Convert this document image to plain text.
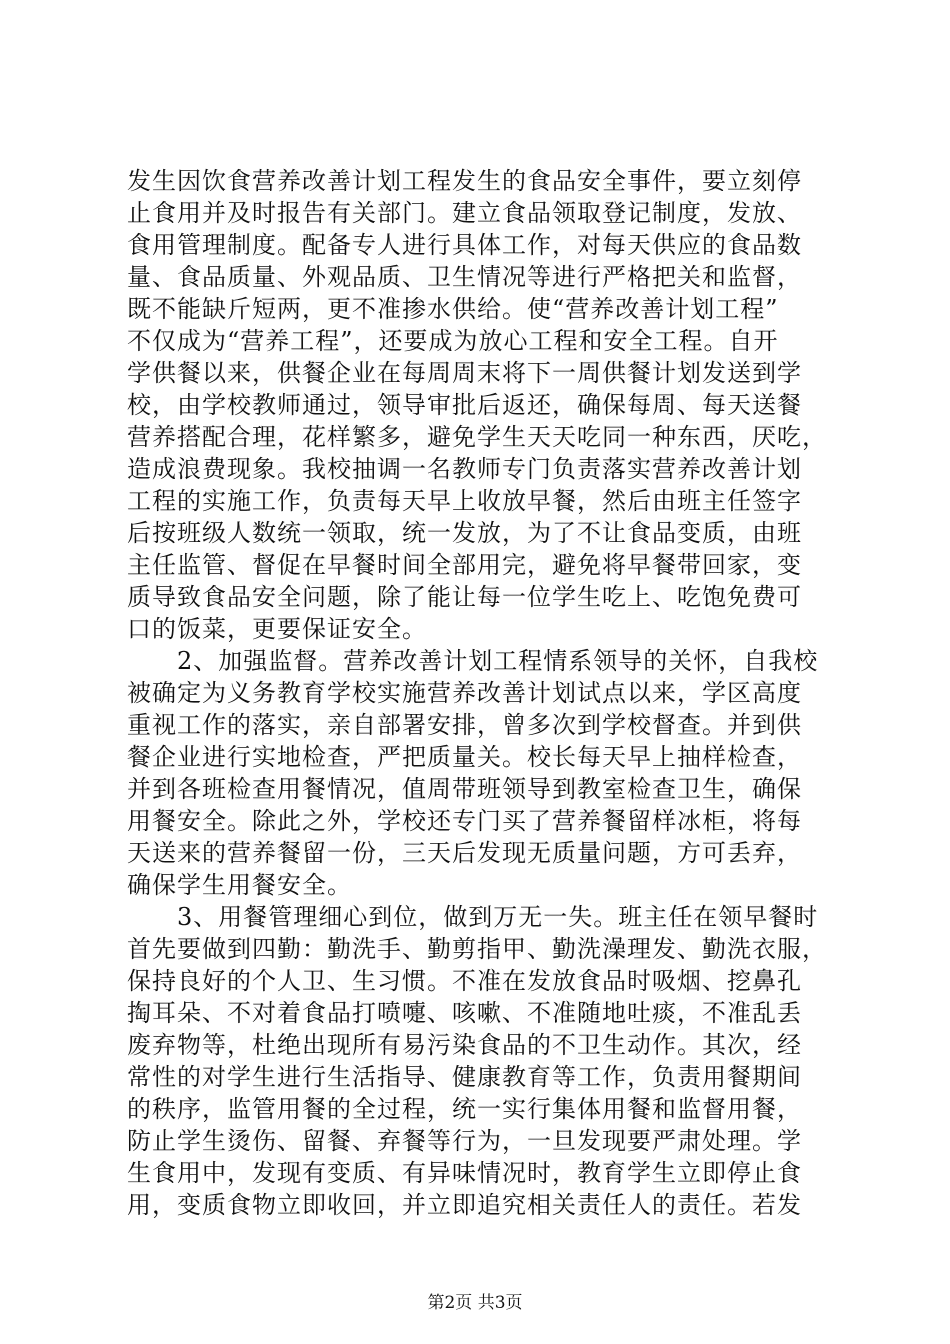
发生因饮食营养改善计划工程发生的食品安全事件，要立刻停
止食用并及时报告有关部门。建立食品领取登记制度，发放、
食用管理制度。配备专人进行具体工作，对每天供应的食品数
量、食品质量、外观品质、卫生情况等进行严格把关和监督，
既不能缺斤短两，更不准掺水供给。使“营养改善计划工程”
不仅成为“营养工程”，还要成为放心工程和安全工程。自开
学供餐以来，供餐企业在每周周末将下一周供餐计划发送到学
校，由学校教师通过，领导审批后返还，确保每周、每天送餐
营养搭配合理，花样繁多，避免学生天天吃同一种东西，厌吃，
造成浪费现象。我校抽调一名教师专门负责落实营养改善计划
工程的实施工作，负责每天早上收放早餐，然后由班主任签字
后按班级人数统一领取，统一发放，为了不让食品变质，由班
主任监管、督促在早餐时间全部用完，避免将早餐带回家，变
质导致食品安全问题，除了能让每一位学生吃上、吃饱免费可
口的饭菜，更要保证安全。
　　2、加强监督。营养改善计划工程情系领导的关怀，自我校
被确定为义务教育学校实施营养改善计划试点以来，学区高度
重视工作的落实，亲自部署安排，曾多次到学校督查。并到供
餐企业进行实地检查，严把质量关。校长每天早上抽样检查，
并到各班检查用餐情况，值周带班领导到教室检查卫生，确保
用餐安全。除此之外，学校还专门买了营养餐留样冰柜，将每
天送来的营养餐留一份，三天后发现无质量问题，方可丢弃，
确保学生用餐安全。
　　3、用餐管理细心到位，做到万无一失。班主任在领早餐时
首先要做到四勤：勤洗手、勤剪指甲、勤洗澡理发、勤洗衣服，
保持良好的个人卫、生习惯。不准在发放食品时吸烟、挖鼻孔
掏耳朵、不对着食品打喷嚏、咳嗽、不准随地吐痰，不准乱丢
废弃物等，杜绝出现所有易污染食品的不卫生动作。其次，经
常性的对学生进行生活指导、健康教育等工作，负责用餐期间
的秩序，监管用餐的全过程，统一实行集体用餐和监督用餐，
防止学生烫伤、留餐、弃餐等行为，一旦发现要严肃处理。学
生食用中，发现有变质、有异味情况时，教育学生立即停止食
用，变质食物立即收回，并立即追究相关责任人的责任。若发
第2页 共3页
